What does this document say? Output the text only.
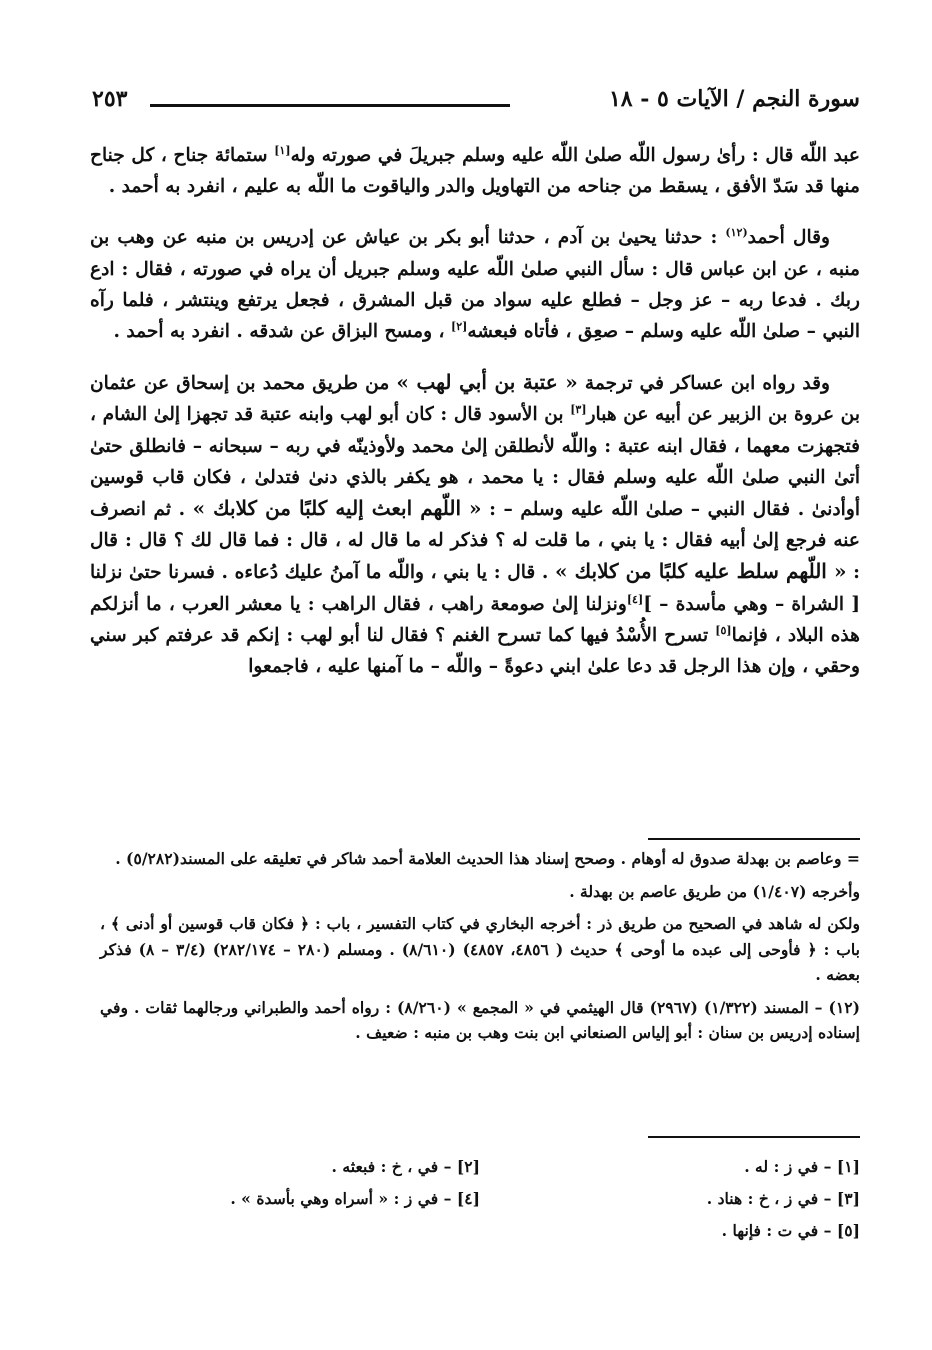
سورة النجم / الآيات ٥ - ١٨
٢٥٣

عبد اللّه قال : رأىٰ رسول اللّه صلىٰ اللّه عليه وسلم جبريلَ في صورته وله[١] ستمائة جناح ، كل جناح منها قد سَدّ الأفق ، يسقط من جناحه من التهاويل والدر والياقوت ما اللّه به عليم ، انفرد به أحمد .

وقال أحمد$^{(١٢)}$ : حدثنا يحيىٰ بن آدم ، حدثنا أبو بكر بن عياش عن إدريس بن منبه عن وهب بن منبه ، عن ابن عباس قال : سأل النبي صلىٰ اللّه عليه وسلم جبريل أن يراه في صورته ، فقال : ادع ربك . فدعا ربه – عز وجل – فطلع عليه سواد من قبل المشرق ، فجعل يرتفع وينتشر ، فلما رآه النبي – صلىٰ اللّه عليه وسلم – صعِق ، فأتاه فبعشه[٢] ، ومسح البزاق عن شدقه . انفرد به أحمد .

وقد رواه ابن عساكر في ترجمة « عتبة بن أبي لهب » من طريق محمد بن إسحاق عن عثمان بن عروة بن الزبير عن أبيه عن هبار[٣] بن الأسود قال : كان أبو لهب وابنه عتبة قد تجهزا إلىٰ الشام ، فتجهزت معهما ، فقال ابنه عتبة : واللّه لأنطلقن إلىٰ محمد ولأوذينّه في ربه – سبحانه – فانطلق حتىٰ أتىٰ النبي صلىٰ اللّه عليه وسلم فقال : يا محمد ، هو يكفر بالذي دنىٰ فتدلىٰ ، فكان قاب قوسين أوأدنىٰ . فقال النبي – صلىٰ اللّه عليه وسلم – : « اللّهم ابعث إليه كلبًا من كلابك » . ثم انصرف عنه فرجع إلىٰ أبيه فقال : يا بني ، ما قلت له ؟ فذكر له ما قال له ، قال : فما قال لك ؟ قال : قال : « اللّهم سلط عليه كلبًا من كلابك » . قال : يا بني ، واللّه ما آمنُ عليك دُعاءه . فسرنا حتىٰ نزلنا [ الشراة – وهي مأسدة – ][٤]ونزلنا إلىٰ صومعة راهب ، فقال الراهب : يا معشر العرب ، ما أنزلكم هذه البلاد ، فإنما[٥] تسرح الأُسْدُ فيها كما تسرح الغنم ؟ فقال لنا أبو لهب : إنكم قد عرفتم كبر سني وحقي ، وإن هذا الرجل قد دعا علىٰ ابني دعوةً – واللّه – ما آمنها عليه ، فاجمعوا

= وعاصم بن بهدلة صدوق له أوهام . وصحح إسناد هذا الحديث العلامة أحمد شاكر في تعليقه على المسند(٥/٢٨٢) .

وأخرجه (١/٤٠٧) من طريق عاصم بن بهدلة .

ولكن له شاهد في الصحيح من طريق ذر : أخرجه البخاري في كتاب التفسير ، باب : ﴿ فكان قاب قوسين أو أدنى ﴾ ، باب : ﴿ فأوحى إلى عبده ما أوحى ﴾ حديث ( ٤٨٥٦، ٤٨٥٧) (٨/٦١٠) . ومسلم (٢٨٠ – ٢٨٢/١٧٤) (٣/٤ – ٨) فذكر بعضه .

(١٢) – المسند (١/٣٢٢) (٢٩٦٧) قال الهيثمي في « المجمع » (٨/٢٦٠) : رواه أحمد والطبراني ورجالهما ثقات . وفي إسناده إدريس بن سنان : أبو إلياس الصنعاني ابن بنت وهب بن منبه : ضعيف .

[١] – في ز : له .
[٢] – في ، خ : فبعثه .
[٣] – في ز ، خ : هناد .
[٤] – في ز : « أسراه وهي بأسدة » .
[٥] – في ت : فإنها .
